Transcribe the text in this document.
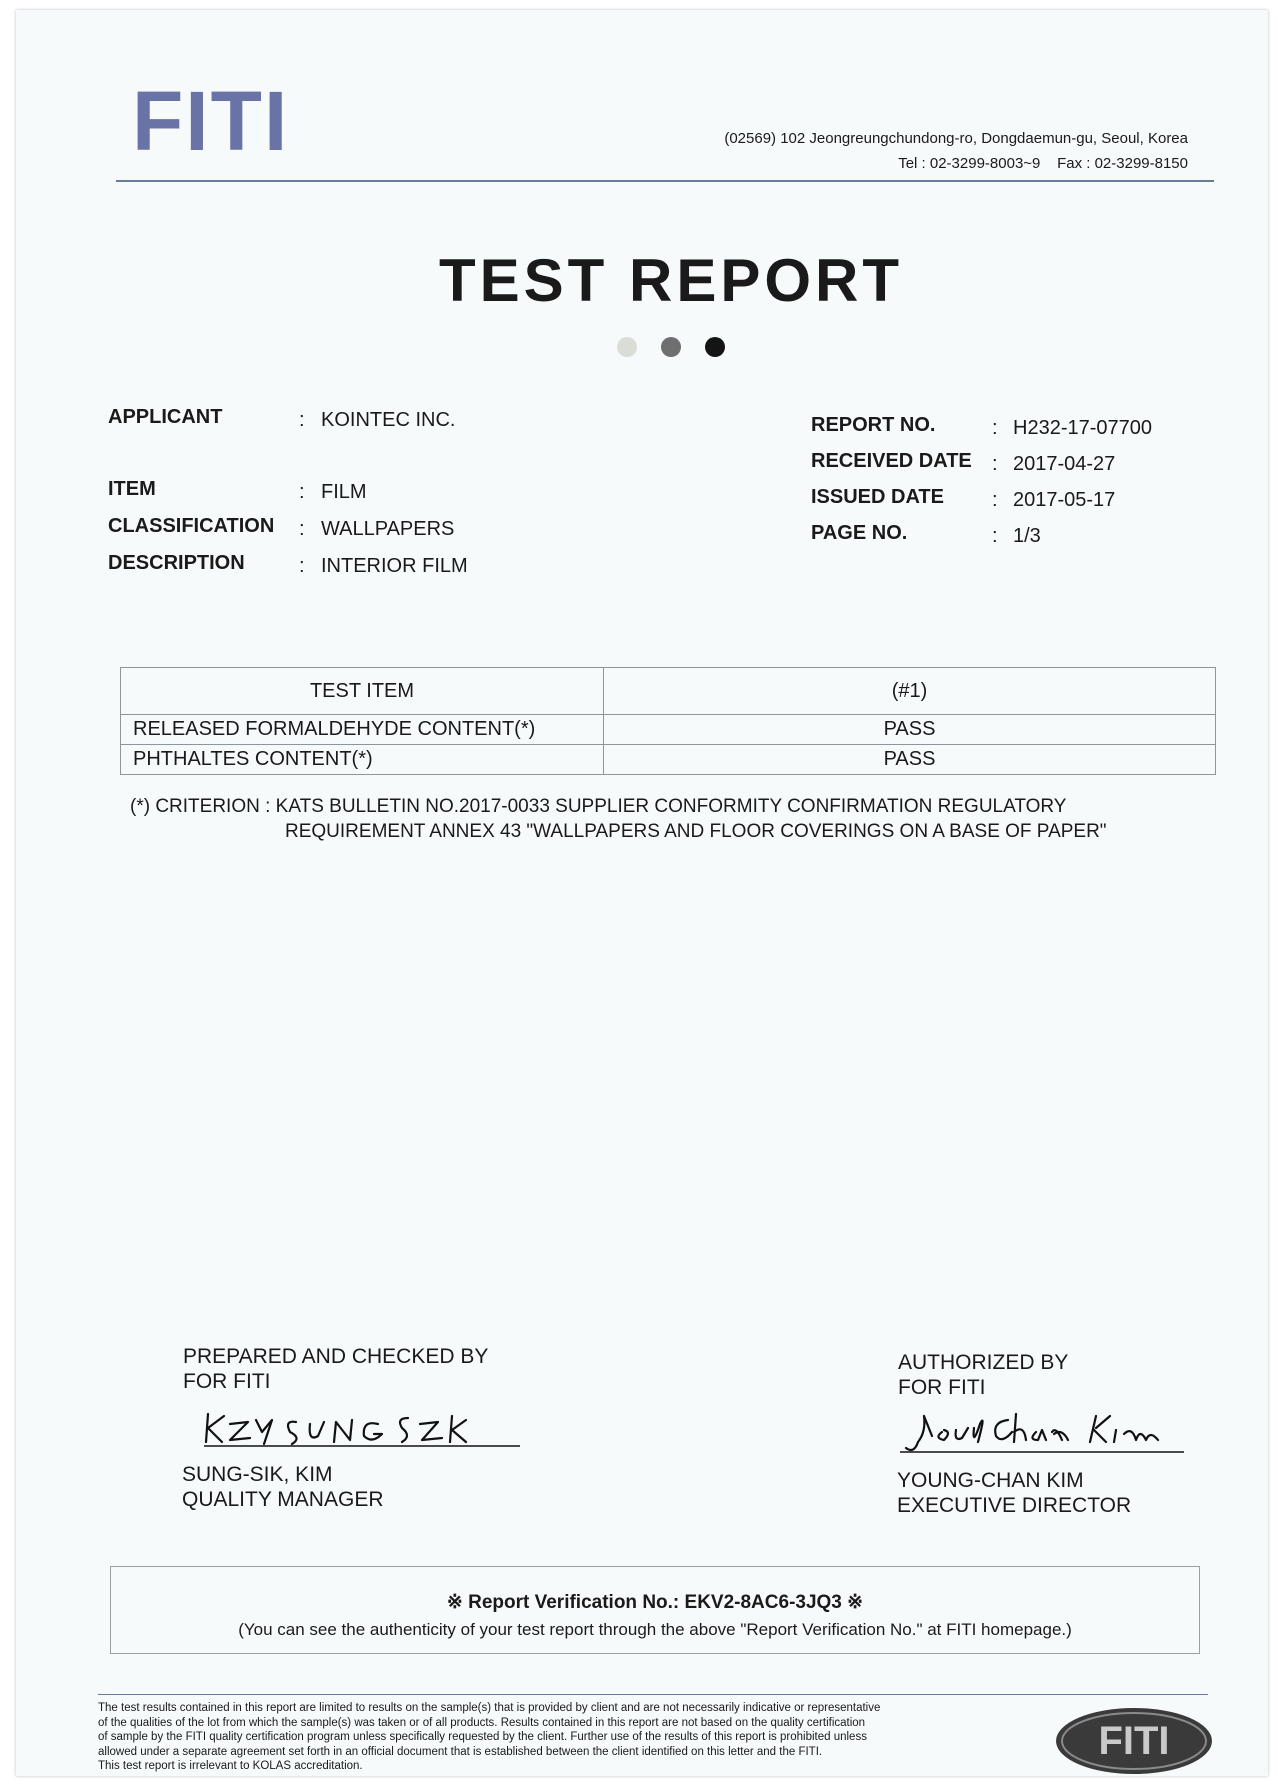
FITI	(02569) 102 Jeongreungchundong-ro, Dongdaemun-gu, Seoul, Korea
Tel : 02-3299-8003~9 Fax : 02-3299-8150
TEST REPORT
APPLICANT	: KOINTEC INC.
ITEM	: FILM
CLASSIFICATION : WALLPAPERS
DESCRIPTION	: INTERIOR FILM
REPORT NO.	: H232-17-07700
RECEIVED DATE : 2017-04-27
ISSUED DATE : 2017-05-17
PAGE NO.	: 1/3
TEST ITEM	(#1)
RELEASED FORMALDEHYDE CONTENT(*)	PASS
PHTHALTES CONTENT(*)	PASS
(*) CRITERION : KATS BULLETIN NO.2017-0033 SUPPLIER CONFORMITY CONFIRMATION REGULATORY
REQUIREMENT ANNEX 43 "WALLPAPERS AND FLOOR COVERINGS ON A BASE OF PAPER"
PREPARED AND CHECKED BY
FOR FITI
SUNG-SIK, KIM
QUALITY MANAGER
AUTHORIZED BY
FOR FITI
YOUNG-CHAN KIM
EXECUTIVE DIRECTOR
※ Report Verification No.: EKV2-8AC6-3JQ3 ※
(You can see the authenticity of your test report through the above "Report Verification No." at FITI homepage.)
The test results contained in this report are limited to results on the sample(s) that is provided by client and are not necessarily indicative or representative
of the qualities of the lot from which the sample(s) was taken or of all products. Results contained in this report are not based on the quality certification
of sample by the FITI quality certification program unless specifically requested by the client. Further use of the results of this report is prohibited unless
allowed under a separate agreement set forth in an official document that is established between the client identified on this letter and the FITI.
This test report is irrelevant to KOLAS accreditation.
FITI
